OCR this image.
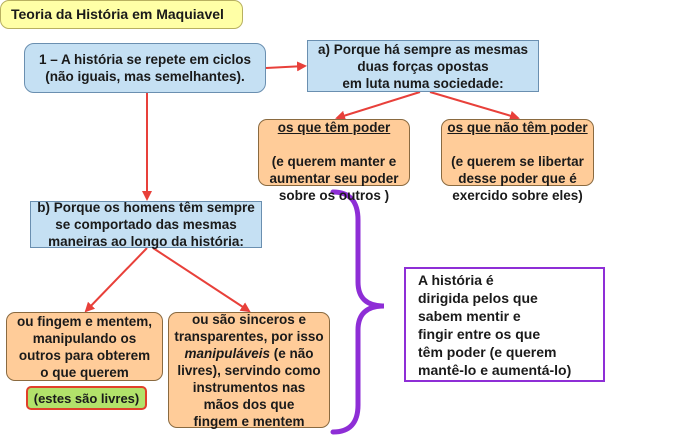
Teoria da História em Maquiavel
1 – A história se repete em ciclos
(não iguais, mas semelhantes).
a) Porque há sempre as mesmas
duas forças opostas
em luta numa sociedade:

os que têm poder

(e querem manter e
aumentar seu poder
sobre os outros )

os que não têm poder

(e querem se libertar
desse poder que é
exercido sobre eles)

b) Porque os homens têm sempre
se comportado das mesmas
maneiras ao longo da história:
ou fingem e mentem,
manipulando os
outros para obterem
o que querem
(estes são livres)
ou são sinceros e
transparentes, por isso
manipuláveis (e não
livres), servindo como
instrumentos nas
mãos dos que
fingem e mentem
A história é
dirigida pelos que
sabem mentir e
fingir entre os que
têm poder (e querem
mantê-lo e aumentá-lo)
